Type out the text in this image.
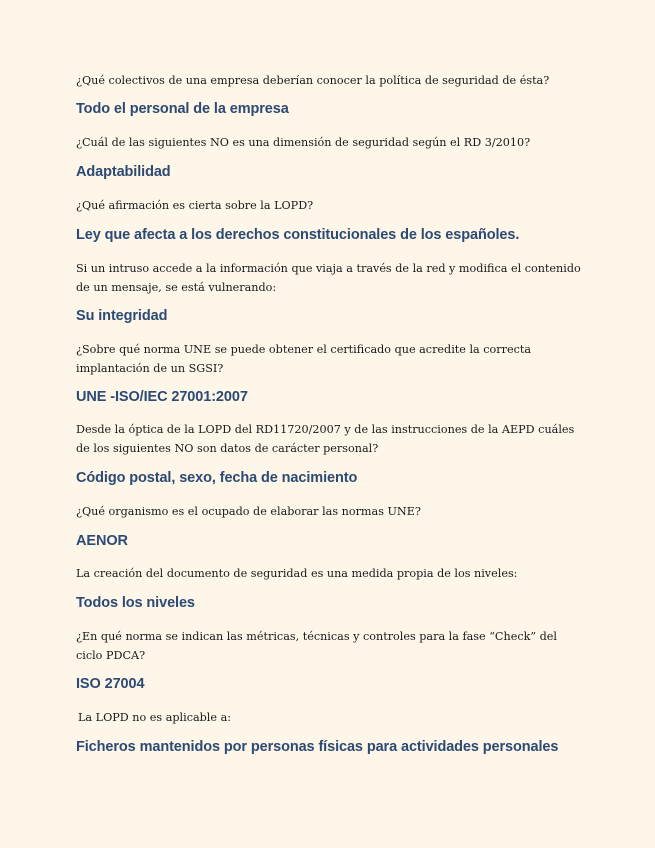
¿Qué colectivos de una empresa deberían conocer la política de seguridad de ésta?

Todo el personal de la empresa

¿Cuál de las siguientes NO es una dimensión de seguridad según el RD 3/2010?

Adaptabilidad

¿Qué afirmación es cierta sobre la LOPD?

Ley que afecta a los derechos constitucionales de los españoles.

Si un intruso accede a la información que viaja a través de la red y modifica el contenido de un mensaje, se está vulnerando:

Su integridad

¿Sobre qué norma UNE se puede obtener el certificado que acredite la correcta implantación de un SGSI?

UNE -ISO/IEC 27001:2007

Desde la óptica de la LOPD del RD11720/2007 y de las instrucciones de la AEPD cuáles de los siguientes NO son datos de carácter personal?

Código postal, sexo, fecha de nacimiento

¿Qué organismo es el ocupado de elaborar las normas UNE?

AENOR

La creación del documento de seguridad es una medida propia de los niveles:

Todos los niveles

¿En qué norma se indican las métricas, técnicas y controles para la fase “Check” del ciclo PDCA?

ISO 27004

La LOPD no es aplicable a:

Ficheros mantenidos por personas físicas para actividades personales
